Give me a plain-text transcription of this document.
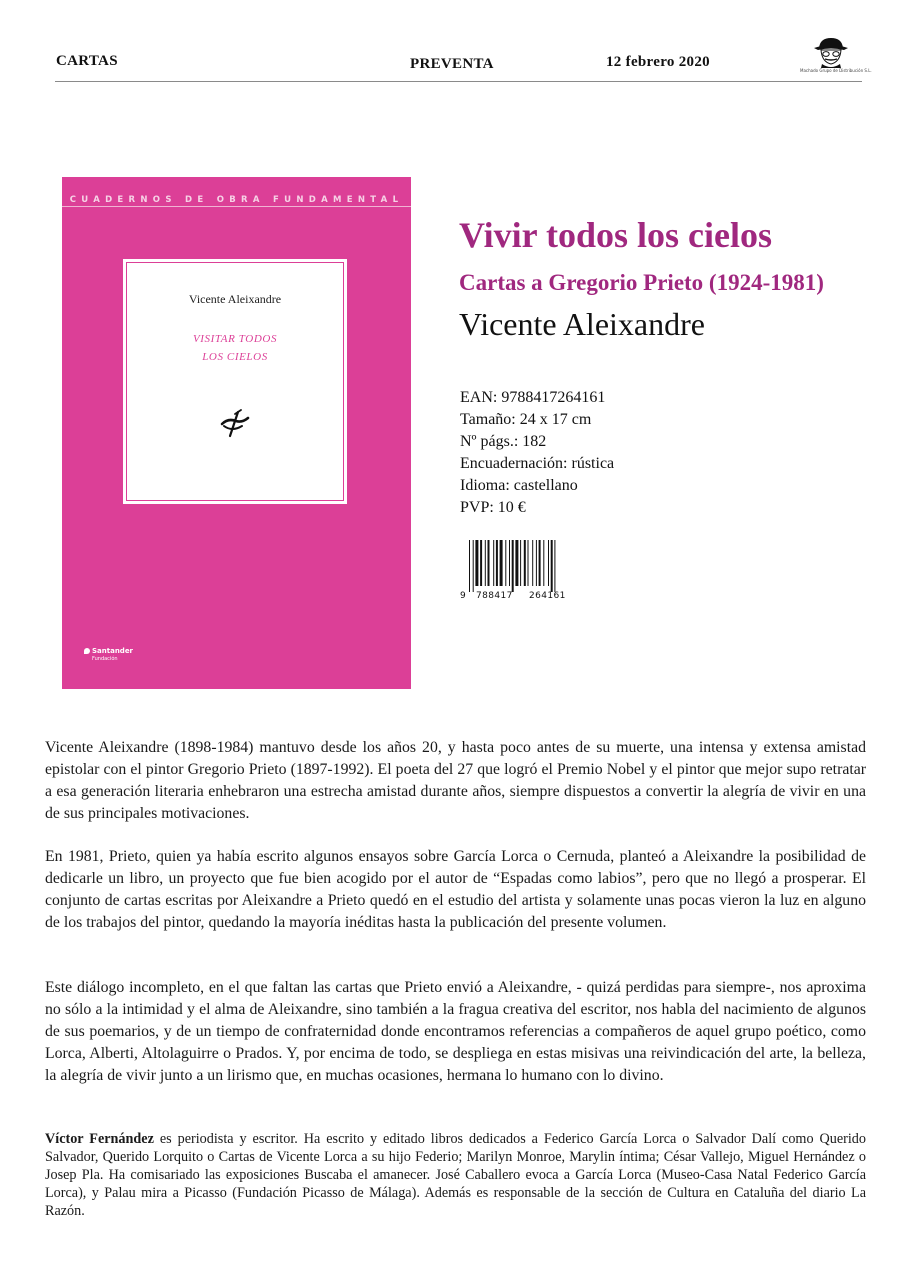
CARTAS	PREVENTA	12 febrero 2020
Machado Grupo de Distribución S.L.
CUADERNOS DE OBRA FUNDAMENTAL
Vicente Aleixandre
VISITAR TODOS
LOS CIELOS
Santander
Fundación
Vivir todos los cielos
Cartas a Gregorio Prieto (1924-1981)
Vicente Aleixandre
EAN: 9788417264161
Tamaño: 24 x 17 cm
Nº págs.: 182
Encuadernación: rústica
Idioma: castellano
PVP: 10 €
9 788417 264161

Vicente Aleixandre (1898-1984) mantuvo desde los años 20, y hasta poco antes de su muerte, una intensa y extensa amistad epistolar con el pintor Gregorio Prieto (1897-1992). El poeta del 27 que logró el Premio Nobel y el pintor que mejor supo retratar a esa generación literaria enhebraron una estrecha amistad durante años, siempre dispuestos a convertir la alegría de vivir en una de sus principales motivaciones.

En 1981, Prieto, quien ya había escrito algunos ensayos sobre García Lorca o Cernuda, planteó a Aleixandre la posibilidad de dedicarle un libro, un proyecto que fue bien acogido por el autor de “Espadas como labios”, pero que no llegó a prosperar. El conjunto de cartas escritas por Aleixandre a Prieto quedó en el estudio del artista y solamente unas pocas vieron la luz en alguno de los trabajos del pintor, quedando la mayoría inéditas hasta la publicación del presente volumen.

Este diálogo incompleto, en el que faltan las cartas que Prieto envió a Aleixandre, - quizá perdidas para siempre-, nos aproxima no sólo a la intimidad y el alma de Aleixandre, sino también a la fragua creativa del escritor, nos habla del nacimiento de algunos de sus poemarios, y de un tiempo de confraternidad donde encontramos referencias a compañeros de aquel grupo poético, como Lorca, Alberti, Altolaguirre o Prados. Y, por encima de todo, se despliega en estas misivas una reivindicación del arte, la belleza, la alegría de vivir junto a un lirismo que, en muchas ocasiones, hermana lo humano con lo divino.

Víctor Fernández es periodista y escritor. Ha escrito y editado libros dedicados a Federico García Lorca o Salvador Dalí como Querido Salvador, Querido Lorquito o Cartas de Vicente Lorca a su hijo Federio; Marilyn Monroe, Marylin íntima; César Vallejo, Miguel Hernández o Josep Pla. Ha comisariado las exposiciones Buscaba el amanecer. José Caballero evoca a García Lorca (Museo-Casa Natal Federico García Lorca), y Palau mira a Picasso (Fundación Picasso de Málaga). Además es responsable de la sección de Cultura en Cataluña del diario La Razón.
